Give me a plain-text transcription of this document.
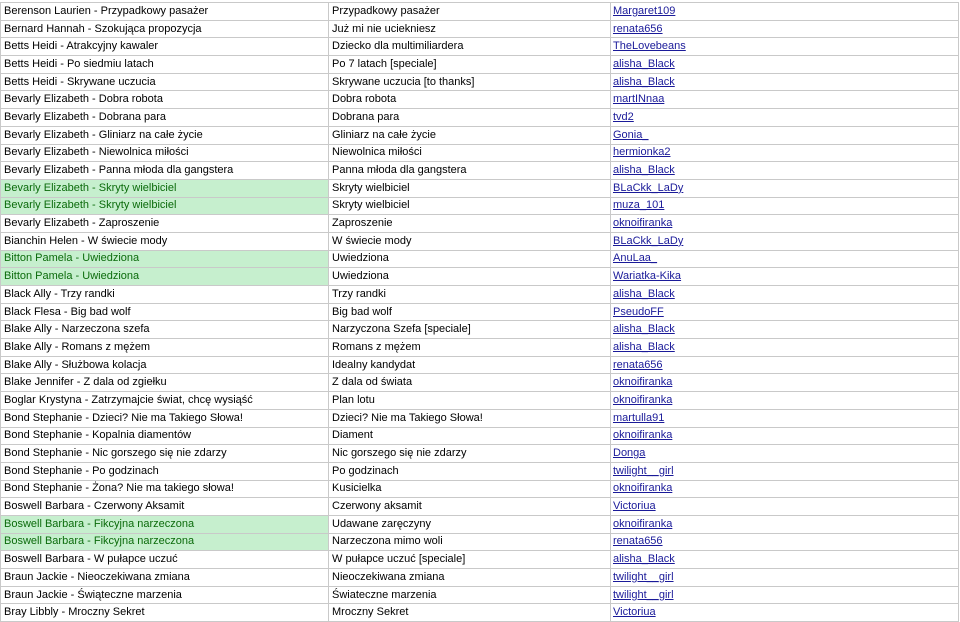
Berenson Laurien - Przypadkowy pasażer	Przypadkowy pasażer	Margaret109
Bernard Hannah - Szokująca propozycja	Już mi nie uciekniesz	renata656
Betts Heidi - Atrakcyjny kawaler	Dziecko dla multimiliardera	TheLovebeans
Betts Heidi - Po siedmiu latach	Po 7 latach [speciale]	alisha_Black
Betts Heidi - Skrywane uczucia	Skrywane uczucia [to thanks]	alisha_Black
Bevarly Elizabeth - Dobra robota	Dobra robota	martINnaa
Bevarly Elizabeth - Dobrana para	Dobrana para	tvd2
Bevarly Elizabeth - Gliniarz na całe życie	Gliniarz na całe życie	Gonia_
Bevarly Elizabeth - Niewolnica miłości	Niewolnica miłości	hermionka2
Bevarly Elizabeth - Panna młoda dla gangstera	Panna młoda dla gangstera	alisha_Black
Bevarly Elizabeth - Skryty wielbiciel	Skryty wielbiciel	BLaCkk_LaDy
Bevarly Elizabeth - Skryty wielbiciel	Skryty wielbiciel	muza_101
Bevarly Elizabeth - Zaproszenie	Zaproszenie	oknoifiranka
Bianchin Helen - W świecie mody	W świecie mody	BLaCkk_LaDy
Bitton Pamela - Uwiedziona	Uwiedziona	AnuLaa_
Bitton Pamela - Uwiedziona	Uwiedziona	Wariatka-Kika
Black Ally - Trzy randki	Trzy randki	alisha_Black
Black Flesa - Big bad wolf	Big bad wolf	PseudoFF
Blake Ally - Narzeczona szefa	Narzyczona Szefa [speciale]	alisha_Black
Blake Ally - Romans z mężem	Romans z mężem	alisha_Black
Blake Ally - Służbowa kolacja	Idealny kandydat	renata656
Blake Jennifer - Z dala od zgiełku	Z dala od świata	oknoifiranka
Boglar Krystyna - Zatrzymajcie świat, chcę wysiąść	Plan lotu	oknoifiranka
Bond Stephanie - Dzieci? Nie ma Takiego Słowa!	Dzieci? Nie ma Takiego Słowa!	martulla91
Bond Stephanie - Kopalnia diamentów	Diament	oknoifiranka
Bond Stephanie - Nic gorszego się nie zdarzy	Nic gorszego się nie zdarzy	Donga
Bond Stephanie - Po godzinach	Po godzinach	twilight__girl
Bond Stephanie - Żona? Nie ma takiego słowa!	Kusicielka	oknoifiranka
Boswell Barbara - Czerwony Aksamit	Czerwony aksamit	Victoriua
Boswell Barbara - Fikcyjna narzeczona	Udawane zaręczyny	oknoifiranka
Boswell Barbara - Fikcyjna narzeczona	Narzeczona mimo woli	renata656
Boswell Barbara - W pułapce uczuć	W pułapce uczuć [speciale]	alisha_Black
Braun Jackie - Nieoczekiwana zmiana	Nieoczekiwana zmiana	twilight__girl
Braun Jackie - Świąteczne marzenia	Świateczne marzenia	twilight__girl
Bray Libbly - Mroczny Sekret	Mroczny Sekret	Victoriua
